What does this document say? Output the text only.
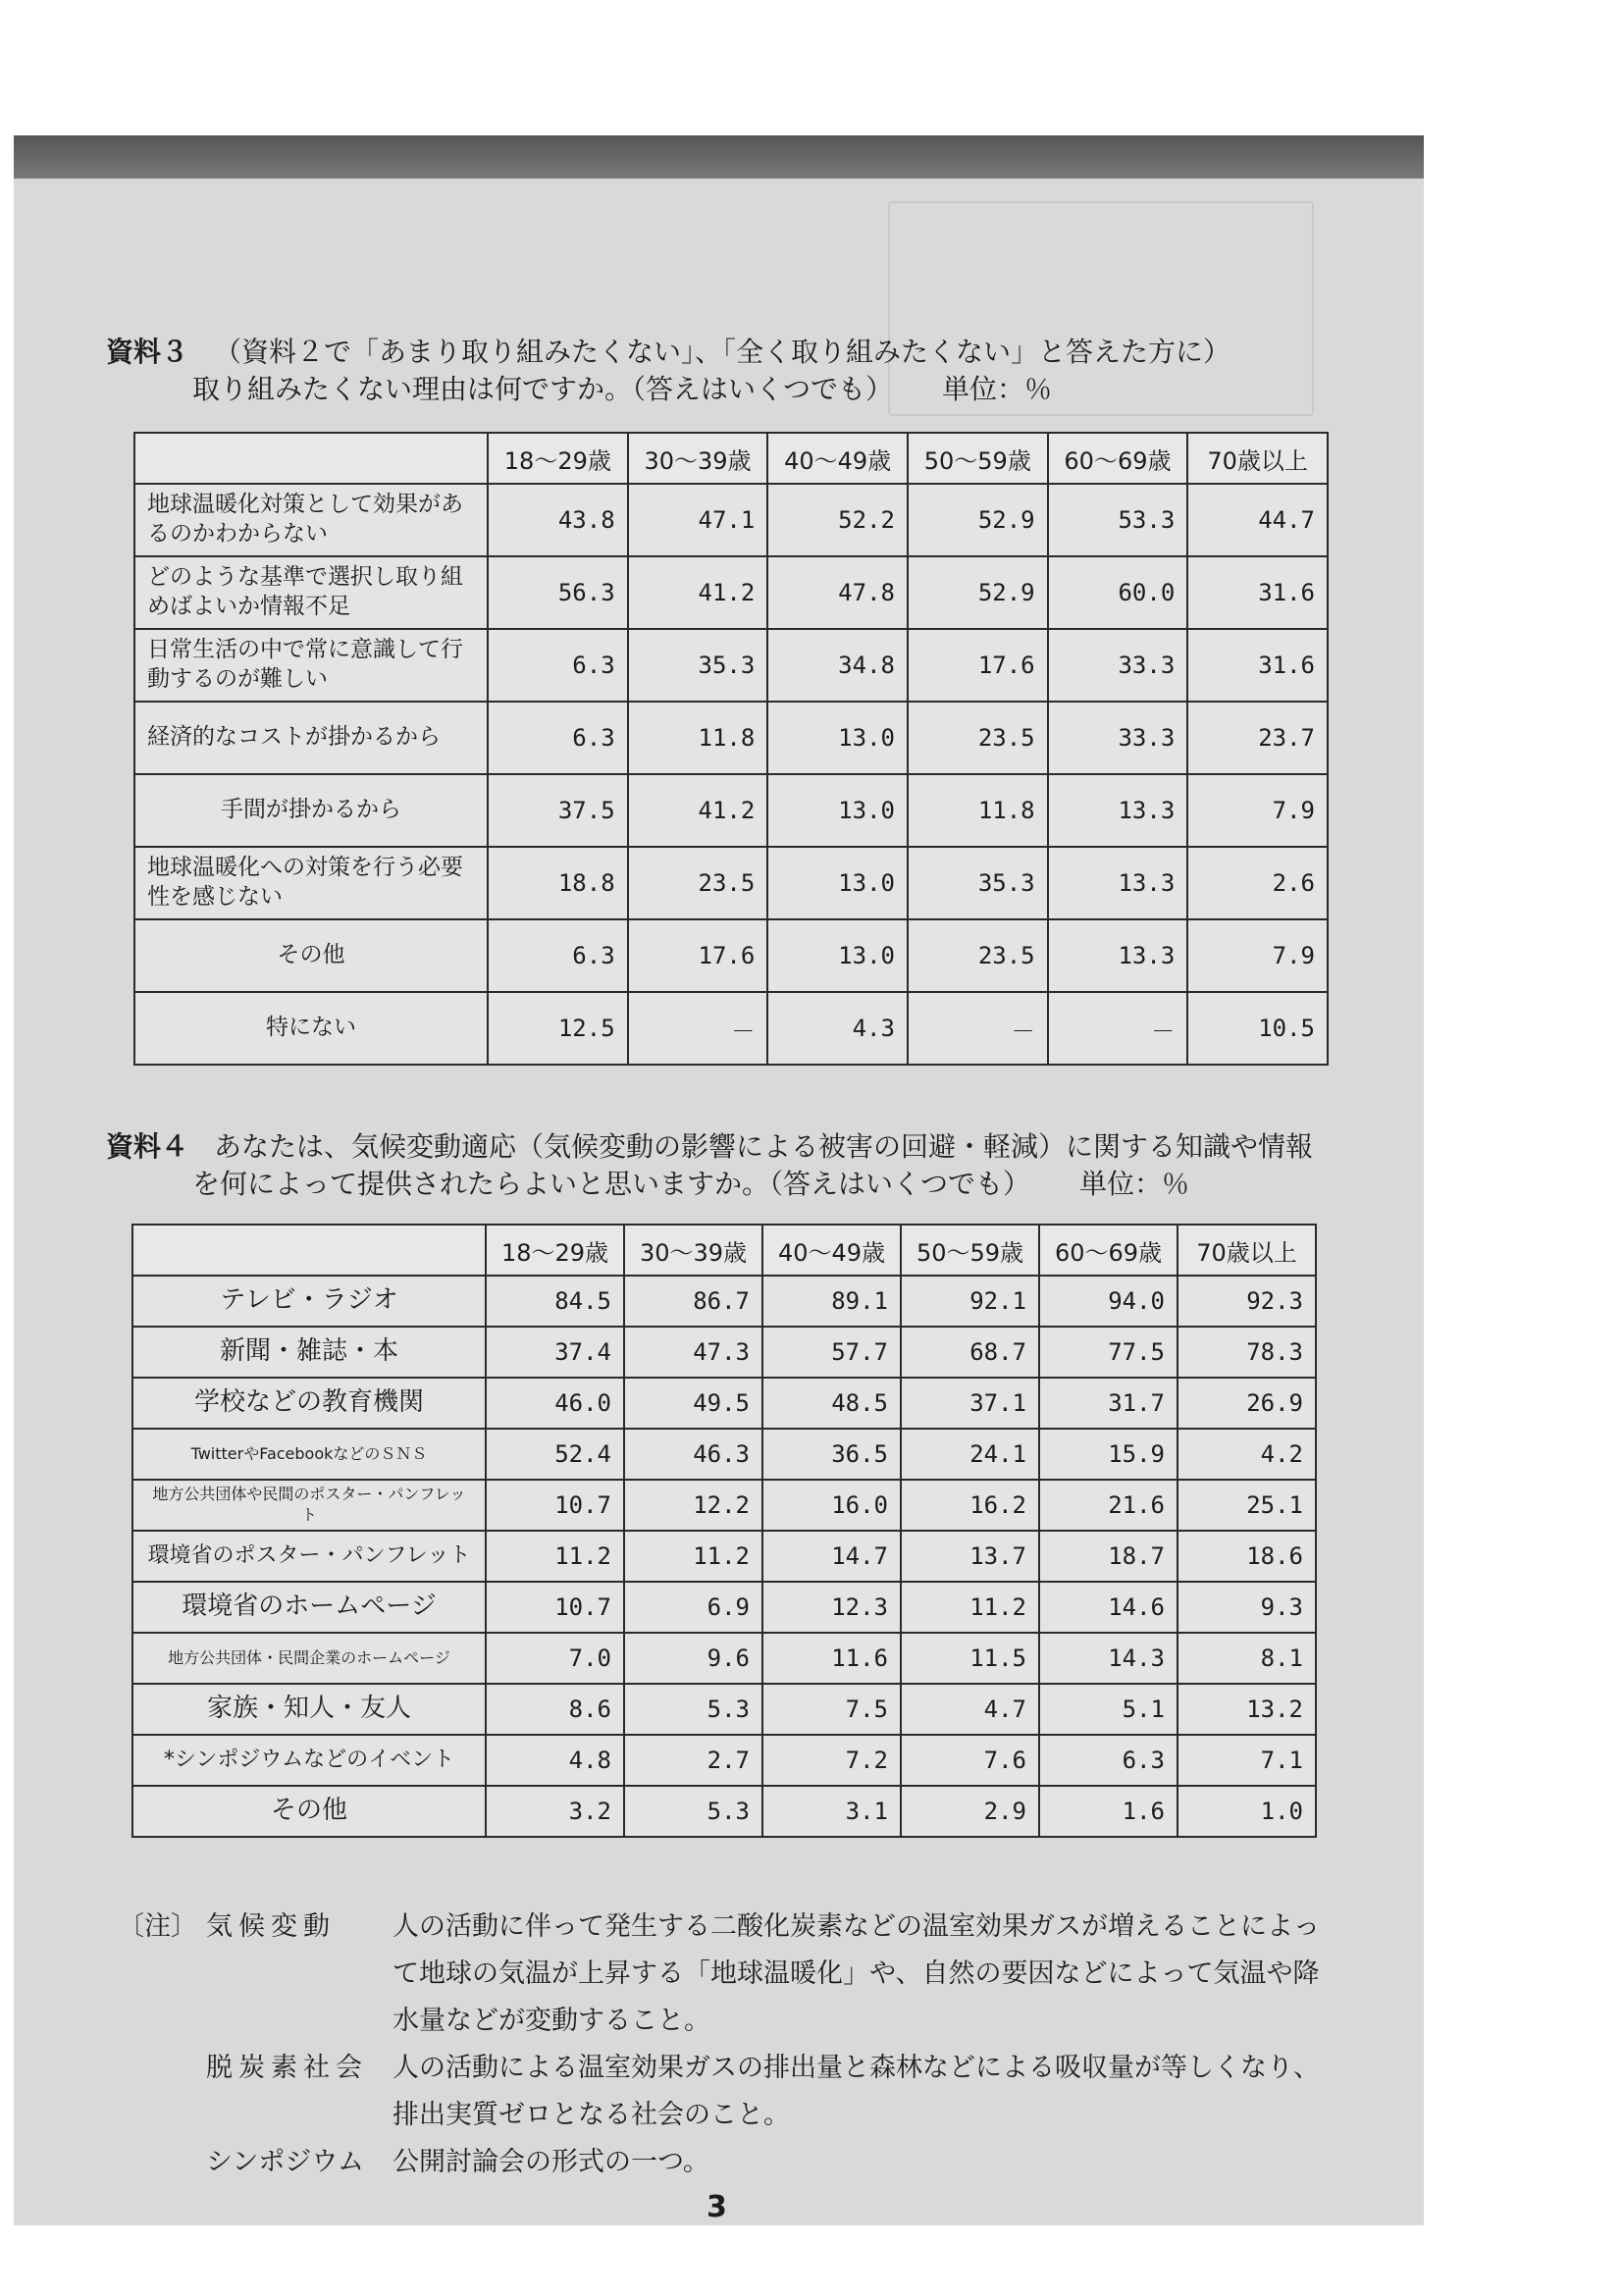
資料３ （資料２で「あまり取り組みたくない」、「全く取り組みたくない」と答えた方に）
取り組みたくない理由は何ですか。（答えはいくつでも） 単位：％
	18〜29歳	30〜39歳	40〜49歳	50〜59歳	60〜69歳	70歳以上
地球温暖化対策として効果があるのかわからない	43.8	47.1	52.2	52.9	53.3	44.7
どのような基準で選択し取り組めばよいか情報不足	56.3	41.2	47.8	52.9	60.0	31.6
日常生活の中で常に意識して行動するのが難しい	6.3	35.3	34.8	17.6	33.3	31.6
経済的なコストが掛かるから	6.3	11.8	13.0	23.5	33.3	23.7
手間が掛かるから	37.5	41.2	13.0	11.8	13.3	7.9
地球温暖化への対策を行う必要性を感じない	18.8	23.5	13.0	35.3	13.3	2.6
その他	6.3	17.6	13.0	23.5	13.3	7.9
特にない	12.5	－	4.3	－	－	10.5
資料４ あなたは、気候変動適応（気候変動の影響による被害の回避・軽減）に関する知識や情報
を何によって提供されたらよいと思いますか。（答えはいくつでも） 単位：％
	18〜29歳	30〜39歳	40〜49歳	50〜59歳	60〜69歳	70歳以上
テレビ・ラジオ	84.5	86.7	89.1	92.1	94.0	92.3
新聞・雑誌・本	37.4	47.3	57.7	68.7	77.5	78.3
学校などの教育機関	46.0	49.5	48.5	37.1	31.7	26.9
TwitterやFacebookなどのＳＮＳ	52.4	46.3	36.5	24.1	15.9	4.2
地方公共団体や民間のポスター・パンフレット	10.7	12.2	16.0	16.2	21.6	25.1
環境省のポスター・パンフレット	11.2	11.2	14.7	13.7	18.7	18.6
環境省のホームページ	10.7	6.9	12.3	11.2	14.6	9.3
地方公共団体・民間企業のホームページ	7.0	9.6	11.6	11.5	14.3	8.1
家族・知人・友人	8.6	5.3	7.5	4.7	5.1	13.2
*シンポジウムなどのイベント	4.8	2.7	7.2	7.6	6.3	7.1
その他	3.2	5.3	3.1	2.9	1.6	1.0
〔注〕 気候変動	人の活動に伴って発生する二酸化炭素などの温室効果ガスが増えることによって地球の気温が上昇する「地球温暖化」や、自然の要因などによって気温や降水量などが変動すること。
脱炭素社会 人の活動による温室効果ガスの排出量と森林などによる吸収量が等しくなり、排出実質ゼロとなる社会のこと。
シンポジウム	公開討論会の形式の一つ。
3
